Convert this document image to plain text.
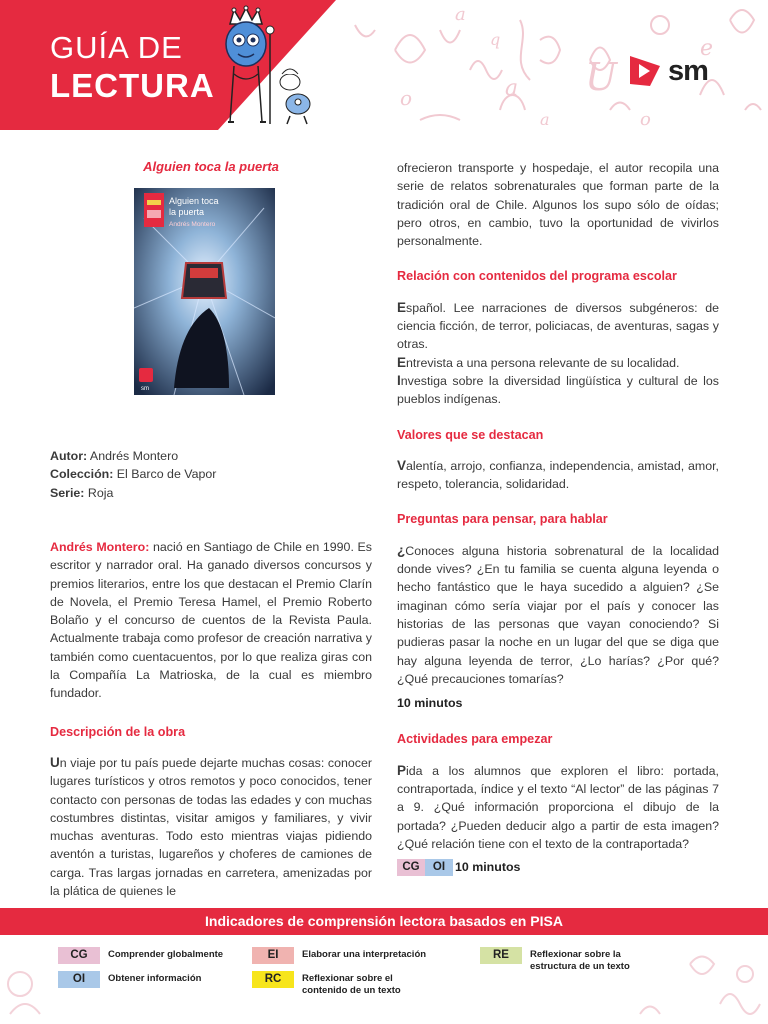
a
q
a U
o
e
a
o
GUÍA DE
LECTURA	sm
Alguien toca la puerta
Alguien toca
la puerta
Andrés Montero
sm
Autor: Andrés Montero
Colección: El Barco de Vapor
Serie: Roja

Andrés Montero: nació en Santiago de Chile en 1990. Es escritor y narrador oral. Ha ganado diversos concursos y premios literarios, entre los que destacan el Premio Clarín de Novela, el Premio Teresa Hamel, el Premio Roberto Bolaño y el concurso de cuentos de la Revista Paula. Actualmente trabaja como profesor de creación narrativa y también como cuentacuentos, por lo que realiza giras con la Compañía La Matrioska, de la cual es miembro fundador.

Descripción de la obra

Un viaje por tu país puede dejarte muchas cosas: conocer lugares turísticos y otros remotos y poco conocidos, tener contacto con personas de todas las edades y con muchas costumbres distintas, visitar amigos y familiares, y vivir muchas aventuras. Todo esto mientras viajas pidiendo aventón a turistas, lugareños y choferes de camiones de carga. Tras largas jornadas en carretera, amenizadas por la plática de quienes le

ofrecieron transporte y hospedaje, el autor recopila una serie de relatos sobrenaturales que forman parte de la tradición oral de Chile. Algunos los supo sólo de oídas; pero otros, en cambio, tuvo la oportunidad de vivirlos personalmente.

Relación con contenidos del programa escolar

Español. Lee narraciones de diversos subgéneros: de ciencia ficción, de terror, policiacas, de aventuras, sagas y otras.
Entrevista a una persona relevante de su localidad.
Investiga sobre la diversidad lingüística y cultural de los pueblos indígenas.

Valores que se destacan

Valentía, arrojo, confianza, independencia, amistad, amor, respeto, tolerancia, solidaridad.

Preguntas para pensar, para hablar

¿Conoces alguna historia sobrenatural de la localidad donde vives? ¿En tu familia se cuenta alguna leyenda o hecho fantástico que le haya sucedido a alguien? ¿Se imaginan cómo sería viajar por el país y conocer las historias de las personas que vayan conociendo? Si pudieras pasar la noche en un lugar del que se diga que hay alguna leyenda de terror, ¿Lo harías? ¿Por qué? ¿Qué precauciones tomarías?

10 minutos

Actividades para empezar

Pida a los alumnos que exploren el libro: portada, contraportada, índice y el texto “Al lector” de las páginas 7 a 9. ¿Qué información proporciona el dibujo de la portada? ¿Pueden deducir algo a partir de esta imagen? ¿Qué relación tiene con el texto de la contraportada?

CG	OI 10 minutos
Indicadores de comprensión lectora basados en PISA
CG	Comprender globalmente
OI	Obtener información
EI	Elaborar una interpretación
RC	Reflexionar sobre el contenido de un texto
RE	Reflexionar sobre la estructura de un texto
